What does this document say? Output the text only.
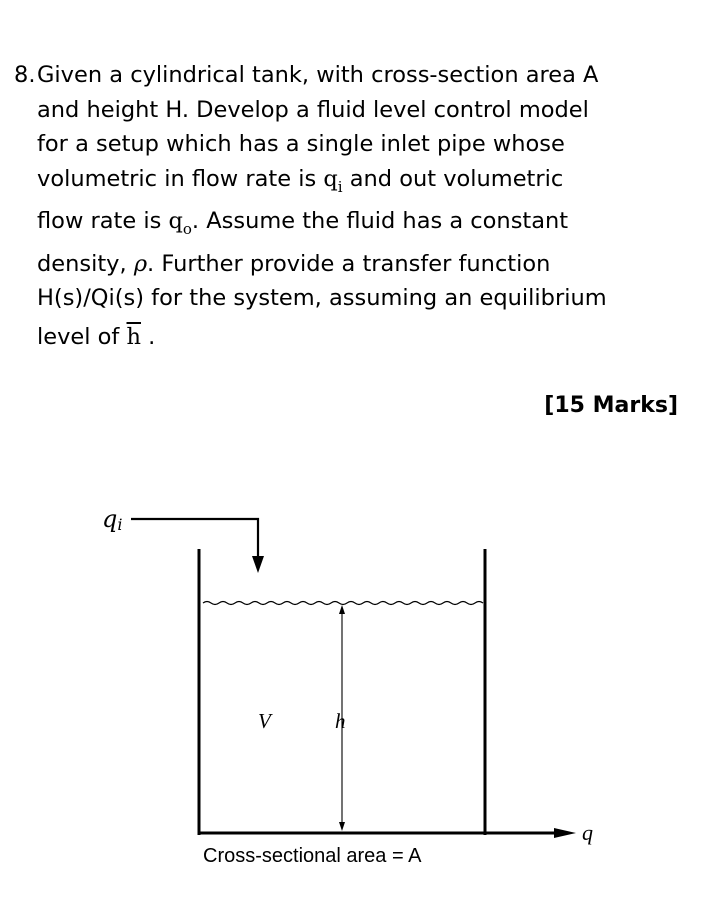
8. Given a cylindrical tank, with cross-section area A
and height H. Develop a fluid level control model
for a setup which has a single inlet pipe whose
volumetric in flow rate is $q_i$ and out volumetric
flow rate is $q_o$. Assume the fluid has a constant
density, ρ. Further provide a transfer function
H(s)/Qi(s) for the system, assuming an equilibrium
level of $\overline{h}$ .
[15 Marks]
qi
V	h
q
Cross-sectional area = A
